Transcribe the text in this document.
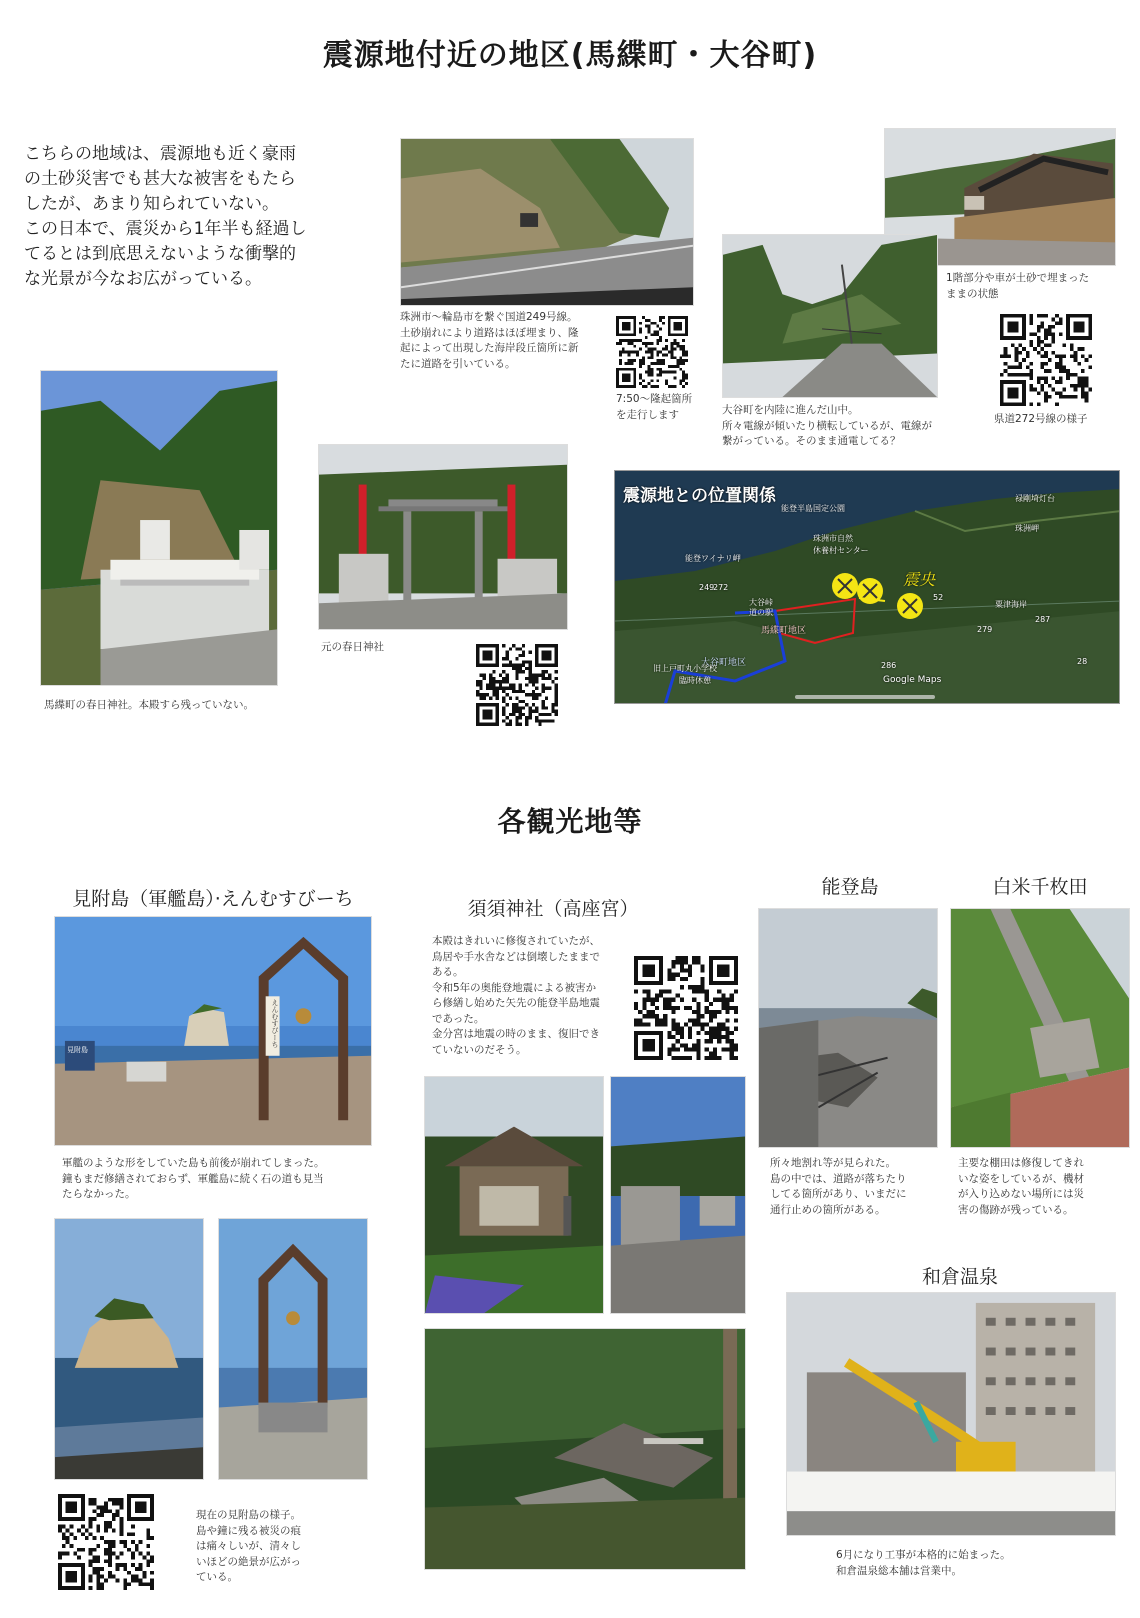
震源地付近の地区(馬緤町・大谷町)
こちらの地域は、震源地も近く豪雨
の土砂災害でも甚大な被害をもたら
したが、あまり知られていない。
この日本で、震災から1年半も経過し
てるとは到底思えないような衝撃的
な光景が今なお広がっている。
珠洲市～輪島市を繋ぐ国道249号線。
土砂崩れにより道路はほぼ埋まり、隆
起によって出現した海岸段丘箇所に新
たに道路を引いている。
7:50～隆起箇所
を走行します
1階部分や車が土砂で埋まった
ままの状態
大谷町を内陸に進んだ山中。
所々電線が傾いたり横転しているが、電線が
繋がっている。そのまま通電してる？
県道272号線の様子
馬緤町の春日神社。本殿すら残っていない。
元の春日神社
震源地との位置関係
能登半島国定公園
禄剛埼灯台
珠洲岬
珠洲市自然
休養村センター
能登ワイナリ岬
大谷峠
道の駅
馬緤町地区
大谷町地区
旧上戸町丸小学校
臨時休憩
粟津海岸
Google Maps
249
272
52
279
287
28
286
震央
各観光地等
見附島（軍艦島）·えんむすびーち
えんむすびーち
見附島
軍艦のような形をしていた島も前後が崩れてしまった。
鐘もまだ修繕されておらず、軍艦島に続く石の道も見当
たらなかった。
現在の見附島の様子。
島や鐘に残る被災の痕
は痛々しいが、清々し
いほどの絶景が広がっ
ている。
須須神社（高座宮）
本殿はきれいに修復されていたが、
鳥居や手水舎などは倒壊したままで
ある。
令和5年の奥能登地震による被害か
ら修繕し始めた矢先の能登半島地震
であった。
金分宮は地震の時のまま、復旧でき
ていないのだそう。
能登島
所々地割れ等が見られた。
島の中では、道路が落ちたり
してる箇所があり、いまだに
通行止めの箇所がある。
白米千枚田
主要な棚田は修復してきれ
いな姿をしているが、機材
が入り込めない場所には災
害の傷跡が残っている。
和倉温泉
6月になり工事が本格的に始まった。
和倉温泉総本舗は営業中。
